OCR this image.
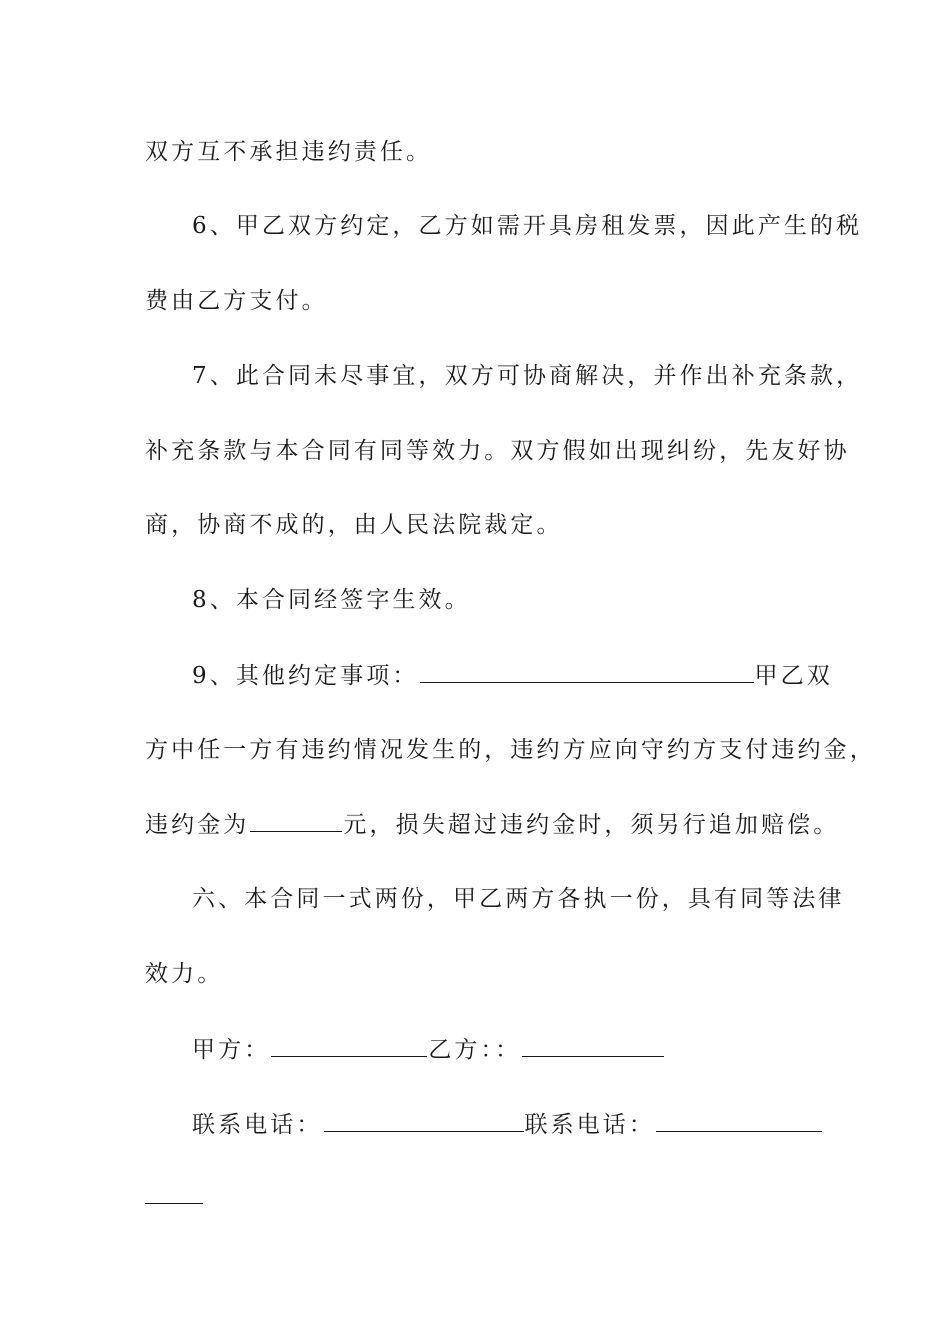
双方互不承担违约责任。
6、甲乙双方约定，乙方如需开具房租发票，因此产生的税
费由乙方支付。
7、此合同未尽事宜，双方可协商解决，并作出补充条款，
补充条款与本合同有同等效力。双方假如出现纠纷，先友好协
商，协商不成的，由人民法院裁定。
8、本合同经签字生效。
9、其他约定事项：	甲乙双
方中任一方有违约情况发生的，违约方应向守约方支付违约金，
违约金为	元，损失超过违约金时，须另行追加赔偿。
六、本合同一式两份，甲乙两方各执一份，具有同等法律
效力。
甲方：	乙方：：
联系电话：	联系电话：
